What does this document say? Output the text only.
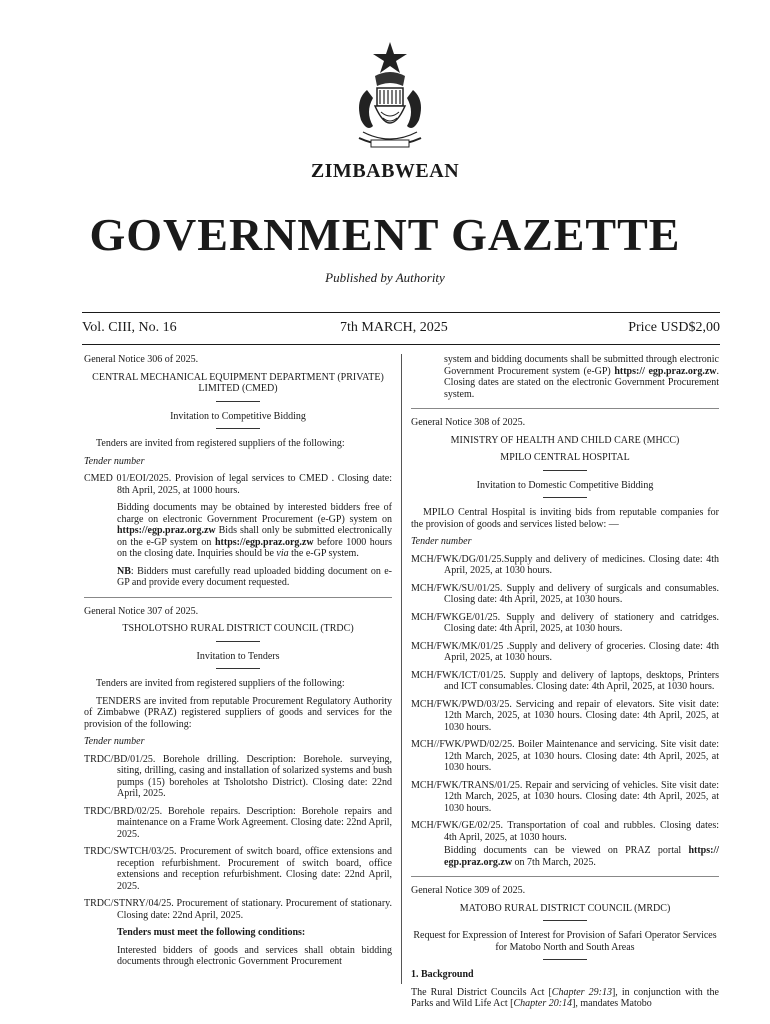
ZIMBABWEAN
GOVERNMENT GAZETTE
Published by Authority
Vol. CIII, No. 16	7th MARCH, 2025	Price USD$2,00

General Notice 306 of 2025.

CENTRAL MECHANICAL EQUIPMENT DEPARTMENT (PRIVATE) LIMITED (CMED)

Invitation to Competitive Bidding

Tenders are invited from registered suppliers of the following:

Tender number

CMED 01/EOI/2025. Provision of legal services to CMED . Closing date: 8th April, 2025, at 1000 hours.

Bidding documents may be obtained by interested bidders free of charge on electronic Government Procurement (e-GP) system on https://egp.praz.org.zw Bids shall only be submitted electronically on the e-GP system on https://egp.praz.org.zw before 1000 hours on the closing date. Inquiries should be via the e-GP system.

NB: Bidders must carefully read uploaded bidding document on e-GP and provide every document requested.

General Notice 307 of 2025.

TSHOLOTSHO RURAL DISTRICT COUNCIL (TRDC)

Invitation to Tenders

Tenders are invited from registered suppliers of the following:

TENDERS are invited from reputable Procurement Regulatory Authority of Zimbabwe (PRAZ) registered suppliers of goods and services for the provision of the following:

Tender number

TRDC/BD/01/25. Borehole drilling. Description: Borehole. surveying, siting, drilling, casing and installation of solarized systems and bush pumps (15) boreholes at Tsholotsho District). Closing date: 22nd April, 2025.

TRDC/BRD/02/25. Borehole repairs. Description: Borehole repairs and maintenance on a Frame Work Agreement. Closing date: 22nd April, 2025.

TRDC/SWTCH/03/25. Procurement of switch board, office extensions and reception refurbishment. Procurement of switch board, office extensions and reception refurbishment. Closing date: 22nd April, 2025.

TRDC/STNRY/04/25. Procurement of stationary. Procurement of stationary. Closing date: 22nd April, 2025.

Tenders must meet the following conditions:

Interested bidders of goods and services shall obtain bidding documents through electronic Government Procurement

system and bidding documents shall be submitted through electronic Government Procurement system (e-GP) https:// egp.praz.org.zw. Closing dates are stated on the electronic Government Procurement system.

General Notice 308 of 2025.

MINISTRY OF HEALTH AND CHILD CARE (MHCC)

MPILO CENTRAL HOSPITAL

Invitation to Domestic Competitive Bidding

MPILO Central Hospital is inviting bids from reputable companies for the provision of goods and services listed below: —

Tender number

MCH/FWK/DG/01/25.Supply and delivery of medicines. Closing date: 4th April, 2025, at 1030 hours.

MCH/FWK/SU/01/25. Supply and delivery of surgicals and consumables. Closing date: 4th April, 2025, at 1030 hours.

MCH/FWKGE/01/25. Supply and delivery of stationery and catridges. Closing date: 4th April, 2025, at 1030 hours.

MCH/FWK/MK/01/25 .Supply and delivery of groceries. Closing date: 4th April, 2025, at 1030 hours.

MCH/FWK/ICT/01/25. Supply and delivery of laptops, desktops, Printers and ICT consumables. Closing date: 4th April, 2025, at 1030 hours.

MCH/FWK/PWD/03/25. Servicing and repair of elevators. Site visit date: 12th March, 2025, at 1030 hours. Closing date: 4th April, 2025, at 1030 hours.

MCH//FWK/PWD/02/25. Boiler Maintenance and servicing. Site visit date: 12th March, 2025, at 1030 hours. Closing date: 4th April, 2025, at 1030 hours.

MCH/FWK/TRANS/01/25. Repair and servicing of vehicles. Site visit date: 12th March, 2025, at 1030 hours. Closing date: 4th April, 2025, at 1030 hours.

MCH/FWK/GE/02/25. Transportation of coal and rubbles. Closing dates: 4th April, 2025, at 1030 hours.

Bidding documents can be viewed on PRAZ portal https:// egp.praz.org.zw on 7th March, 2025.

General Notice 309 of 2025.

MATOBO RURAL DISTRICT COUNCIL (MRDC)

Request for Expression of Interest for Provision of Safari Operator Services for Matobo North and South Areas

1. Background

The Rural District Councils Act [Chapter 29:13], in conjunction with the Parks and Wild Life Act [Chapter 20:14], mandates Matobo
